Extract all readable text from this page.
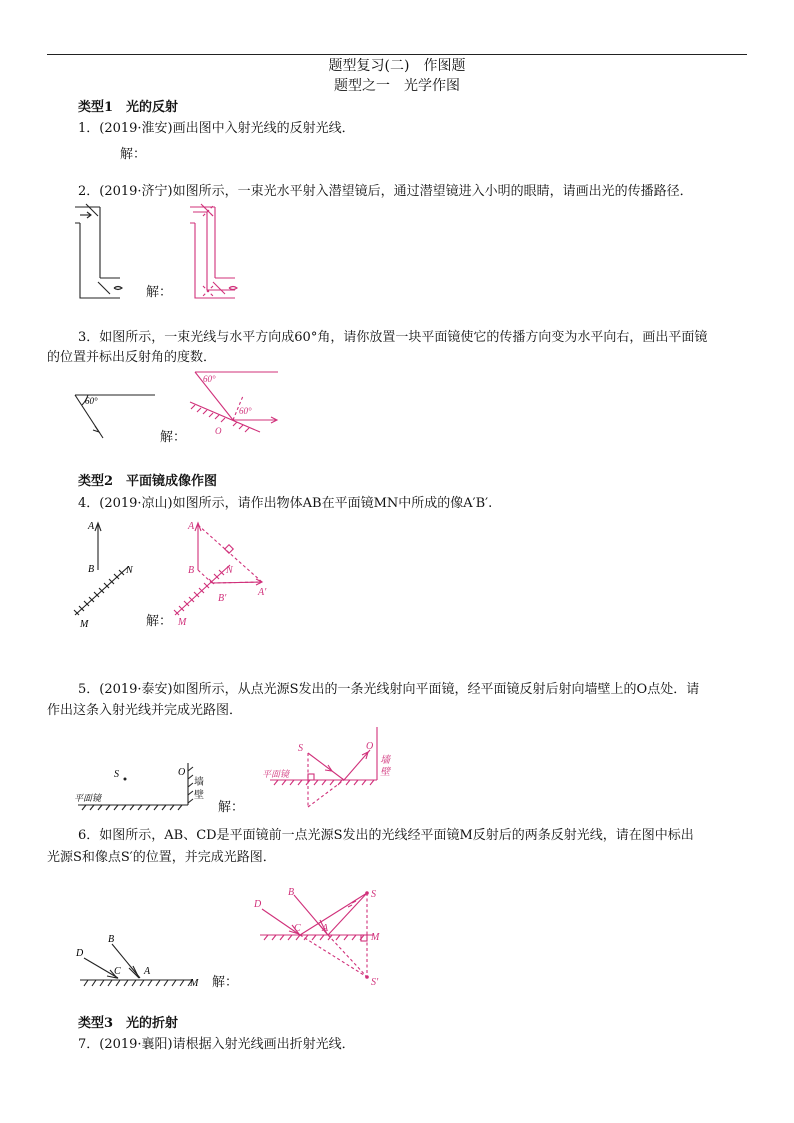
题型复习(二)　作图题
题型之一　光学作图
类型1　光的反射
1．(2019·淮安)画出图中入射光线的反射光线．
解：
2．(2019·济宁)如图所示，一束光水平射入潜望镜后，通过潜望镜进入小明的眼睛，请画出光的传播路径．
解：
3．如图所示，一束光线与水平方向成60°角，请你放置一块平面镜使它的传播方向变为水平向右，画出平面镜
的位置并标出反射角的度数．
60°
解：
60°
60°
O
类型2　平面镜成像作图
4．(2019·凉山)如图所示，请作出物体AB在平面镜MN中所成的像A′B′.
A
B	N
M	解：
A
B	N
A′
B′
M
5．(2019·泰安)如图所示，从点光源S发出的一条光线射向平面镜，经平面镜反射后射向墙壁上的O点处．请
作出这条入射光线并完成光路图．
S	O
平面镜
墙
壁
解：
S	O
平面镜
墙
壁
6．如图所示，AB、CD是平面镜前一点光源S发出的光线经平面镜M反射后的两条反射光线，请在图中标出
光源S和像点S′的位置，并完成光路图．
D
B
C A
M 解：
D
B
C A
S
M
S′
类型3　光的折射
7．(2019·襄阳)请根据入射光线画出折射光线．
